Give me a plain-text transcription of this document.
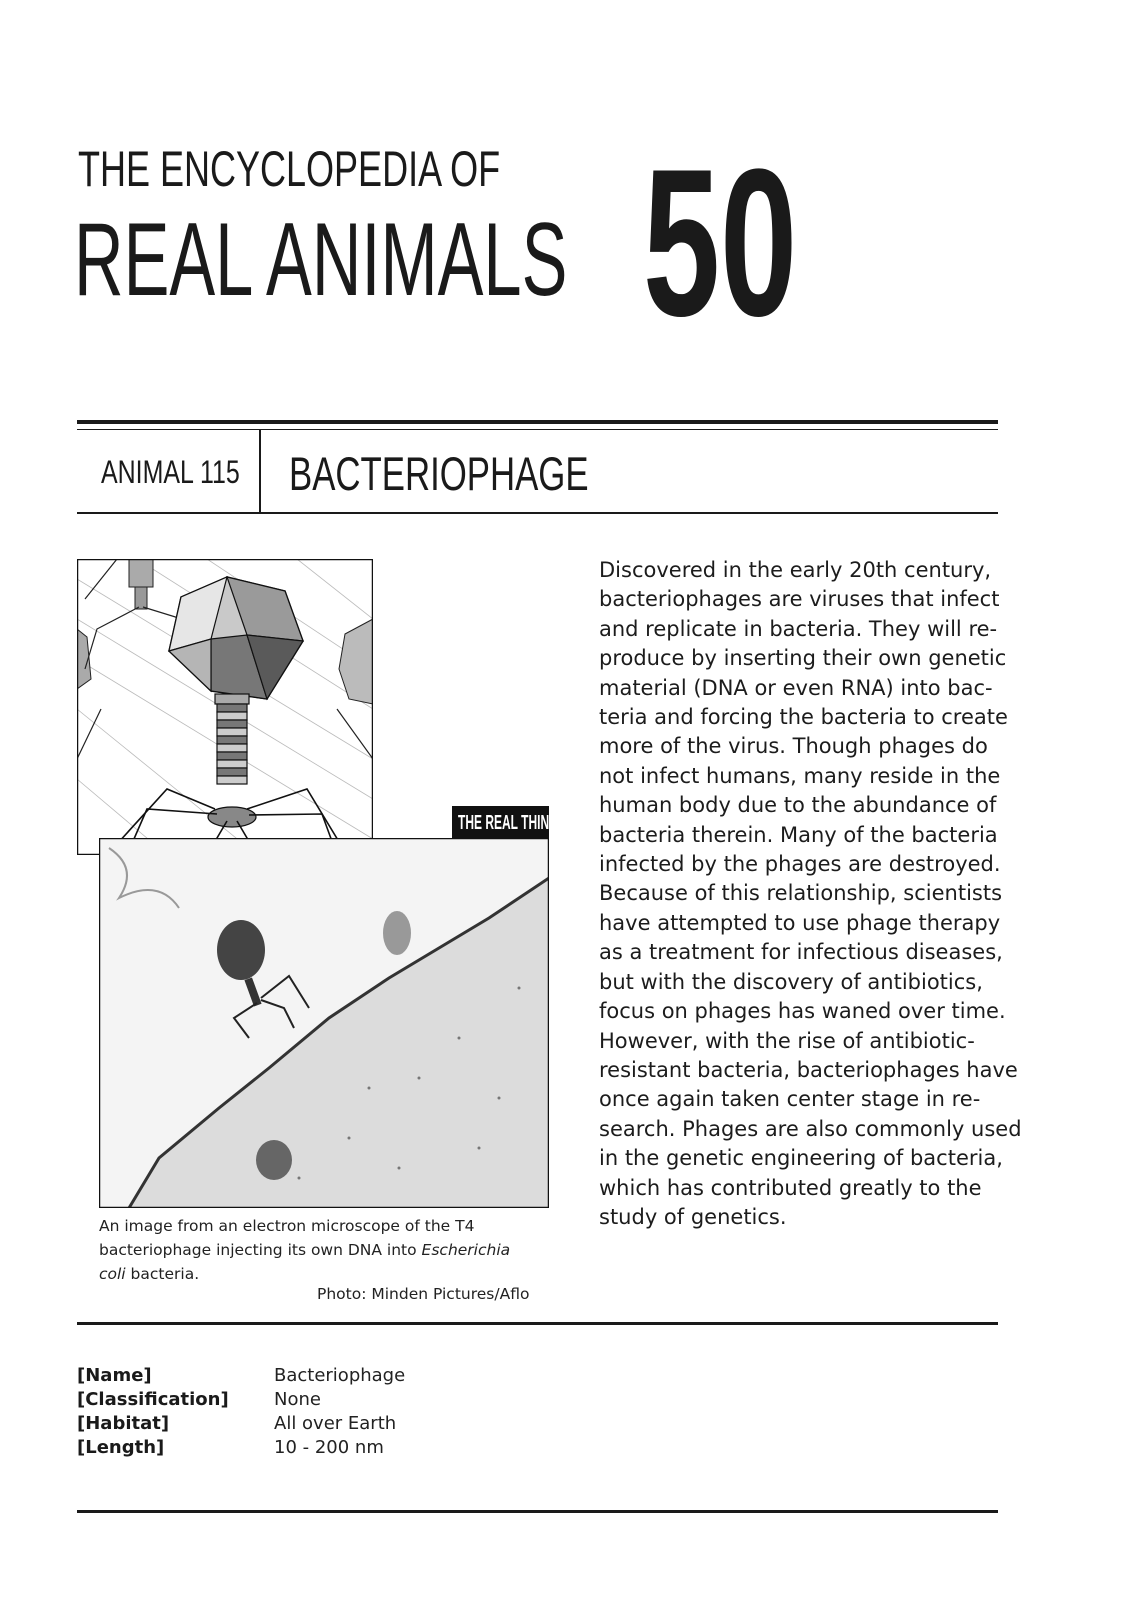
THE ENCYCLOPEDIA OF
REAL ANIMALS 50
ANIMAL 115 BACTERIOPHAGE
THE REAL THING
An image from an electron microscope of the T4 bacteriophage injecting its own DNA into Escherichia coli bacteria.
Photo: Minden Pictures/Aflo
Discovered in the early 20th century,
bacteriophages are viruses that infect
and replicate in bacteria. They will re-
produce by inserting their own genetic
material (DNA or even RNA) into bac-
teria and forcing the bacteria to create
more of the virus. Though phages do
not infect humans, many reside in the
human body due to the abundance of
bacteria therein. Many of the bacteria
infected by the phages are destroyed.
Because of this relationship, scientists
have attempted to use phage therapy
as a treatment for infectious diseases,
but with the discovery of antibiotics,
focus on phages has waned over time.
However, with the rise of antibiotic-
resistant bacteria, bacteriophages have
once again taken center stage in re-
search. Phages are also commonly used
in the genetic engineering of bacteria,
which has contributed greatly to the
study of genetics.
[Name]	Bacteriophage
[Classification]	None
[Habitat]	All over Earth
[Length]	10 - 200 nm
